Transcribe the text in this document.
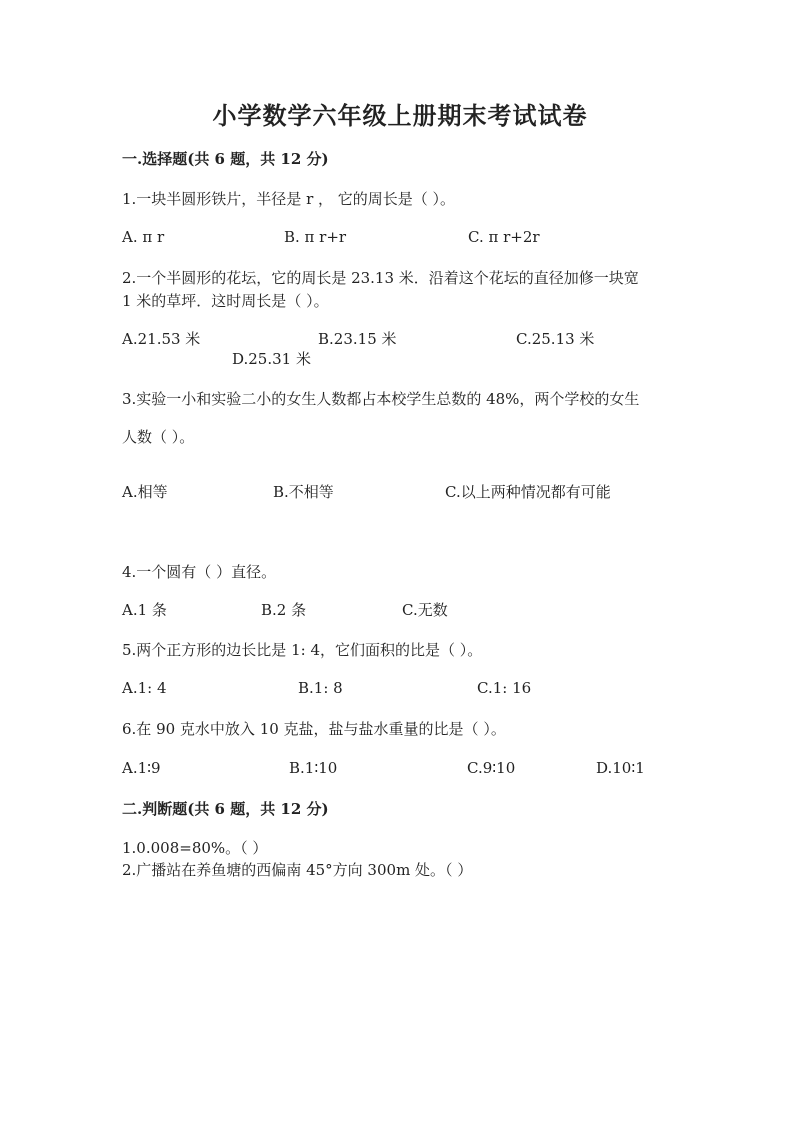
小学数学六年级上册期末考试试卷
一.选择题(共 6 题，共 12 分)
1.一块半圆形铁片，半径是 r ， 它的周长是（ ）。
A. π r	B. π r+r	C. π r+2r
2.一个半圆形的花坛，它的周长是 23.13 米．沿着这个花坛的直径加修一块宽
1 米的草坪．这时周长是（ ）。
A.21.53 米	B.23.15 米	C.25.13 米
D.25.31 米
3.实验一小和实验二小的女生人数都占本校学生总数的 48%，两个学校的女生
人数（ ）。
A.相等	B.不相等	C.以上两种情况都有可能
4.一个圆有（ ）直径。
A.1 条	B.2 条	C.无数
5.两个正方形的边长比是 1: 4，它们面积的比是（ ）。
A.1: 4	B.1: 8	C.1: 16
6.在 90 克水中放入 10 克盐，盐与盐水重量的比是（ ）。
A.1∶9	B.1∶10	C.9∶10	D.10∶1
二.判断题(共 6 题，共 12 分)
1.0.008=80%。（ ）
2.广播站在养鱼塘的西偏南 45°方向 300m 处。（ ）
